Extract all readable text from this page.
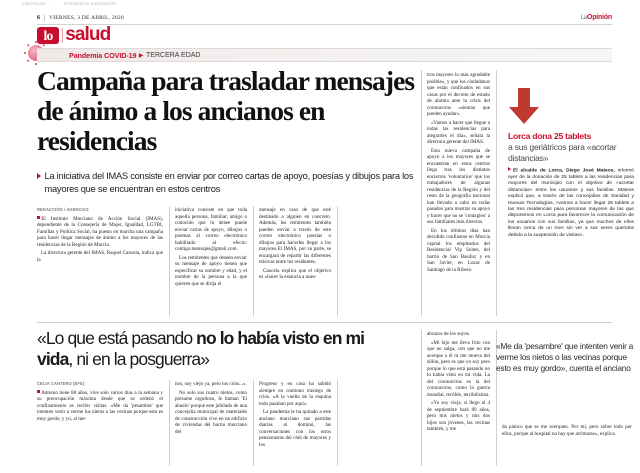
Impreso por · Prohibida su reproducción
6 VIERNES, 3 DE ABRIL, 2020	LaOpinión
lo salud
Pandemia COVID-19 ▶ TERCERA EDAD
Campaña para trasladar mensajes de ánimo a los ancianos en residencias
La iniciativa del IMAS consiste en enviar por correo cartas de apoyo, poesías y dibujos para los mayores que se encuentran en estos centros

REDACCIÓN / AGENCIAS

El Instituto Murciano de Acción Social (IMAS), dependiente de la Consejería de Mujer, Igualdad, LGTBI, Familias y Política Social, ha puesto en marcha una campaña para hacer llegar mensajes de ánimo a los mayores de las residencias de la Región de Murcia.

La directora gerente del IMAS, Raquel Cancela, indica que la

iniciativa consiste en que toda aquella persona, familiar, amigo o conocido que lo desee puede enviar cartas de apoyo, dibujos o poemas al correo electrónico habilitado al efecto: contigo.mensajes@gmail.com.

Los remitentes que deseen enviar su mensaje de apoyo tienen que especificar su nombre y edad, y el nombre de la persona a la que quieren que se dirija el

mensaje en caso de que esté destinado a alguien en concreto. Además, los remitentes también pueden enviar a través de este correo electrónico poesías o dibujos para hacerles llegar a los mayores.El IMAS, por su parte, se encargará de repartir las diferentes misivas entre los residentes.

Cancela explica que el objetivo es «hacer la estancia a nues-

tros mayores lo más agradable posible», y que los ciudadanos que están confinados en sus casas por el decreto de estado de alarma ante la crisis del coronavirus «sientan que pueden ayudar».

«Vamos a hacer que llegue a todas las residencias para alegrarles el día», señala la directora gerente del IMAS.

Esta nueva campaña de apoyo a los mayores que se encuentran en estos centros llega tras los distintos encierros 'voluntarios' que los trabajadores de algunas residencias de la Región y del resto de la geografía nacional han llevado a cabo en todas pasados para mostrar su apoyo y hacer que no se 'contagien' a sus familiares más directos.

En los últimos días han decidido confinarse en Murcia capital los empleados del Residencial Vip Suites, del barrio de San Basilio; y en San Javier, en Lozac de Santiago de la Ribera.

Lorca dona 25 tablets
a sus geriátricos para «acortar distancias»
El alcalde de Lorca, Diego José Mateos, informó ayer de la donación de 25 tablets a las residencias para mayores del municipio con el objetivo de «acortar distancias» entre los usuarios y sus familias. Mateos explicó que, a través de las concejalías de Sanidad y Nuevas Tecnologías, «vamos a hacer llegar 25 tablets a las tres residencias para personas mayores de las que disponemos en Lorca para favorecer la comunicación de los usuarios con sus familias, ya que muchos de ellos llevan cerca de un mes sin ver a sus seres queridos debido a la suspensión de visitas».
«Lo que está pasando no lo había visto en mi vida, ni en la posguerra»

CELIA CANTERO (EFE)

Antonio tiene 88 años, vive solo varios días a la semana y su preocupación máxima desde que se ordenó el confinamiento es recibir visitas. «Me da 'pesambre' que intenten venir a verme los nietos o las vecinas porque esto es muy gordo; y yo, al me-

nos, soy viejo ya, pero los críos...».

No solo sus cuatro nietos, como presume orgulloso, le llaman 'El abuelo' porque este jubilado de una concejalía municipal de materiales de construcción vive en un edificio de viviendas del barrio murciano del

Progreso y en casa ha sabido siempre en continuo trasiego de crios. «A la vuelta de la esquina todo pasaban por aquí».

La pandemia le ha quitado a este anciano murciano sus partidas diarias al dominó, las conversaciones con los otros pensionistas del club de mayores y los

abrazos de los suyos.

«Mi hijo me lleva frito con que no salga, con que no me acerque a él ni me mueva del sillón, pero es que yo soy pero porque lo que está pasando no lo había visto en mi vida. La del coronavirus es la del coronavirus, como la guerra mundial, terrible, terribilísima.

«Yo soy vieja, si llego al 4 de septiembre hará 89 años, pero mis nietos y mis dos hijos son jóvenes, las vecinas también, y me	da pánico que se me acerquen. Por mí, pero sobre todo por ellos, porque al hospital no hay que arrimarse», explica.

«Me da 'pesambre' que intenten venir a verme los nietos o las vecinas porque esto es muy gordo», cuenta el anciano
